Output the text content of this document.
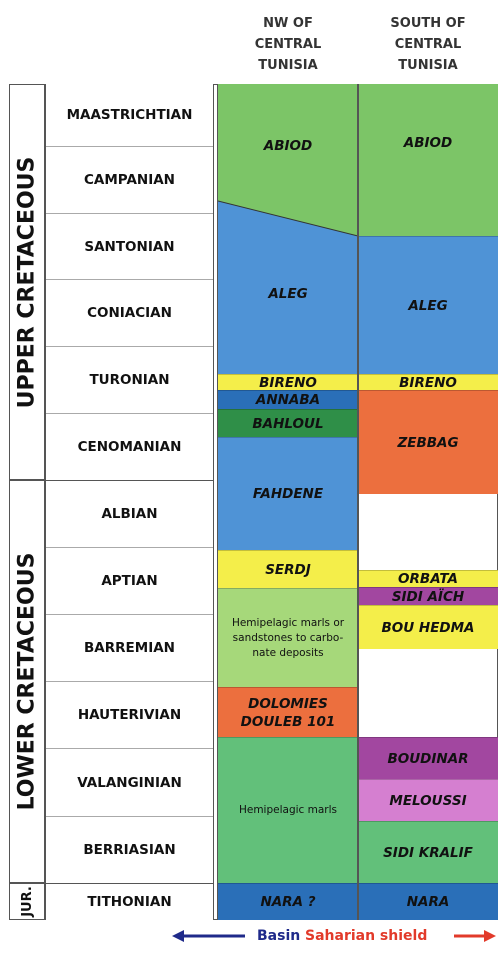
NW OF
CENTRAL
TUNISIA
SOUTH OF
CENTRAL
TUNISIA
UPPER CRETACEOUS
LOWER CRETACEOUS
JUR.
MAASTRICHTIAN
CAMPANIAN
SANTONIAN
CONIACIAN
TURONIAN
CENOMANIAN
ALBIAN
APTIAN
BARREMIAN
HAUTERIVIAN
VALANGINIAN
BERRIASIAN
TITHONIAN
ABIOD
ALEG
BIRENO
ANNABA
BAHLOUL
FAHDENE
SERDJ
Hemipelagic marls or sandstones to carbo-nate deposits
DOLOMIES
DOULEB 101
Hemipelagic marls
NARA ?
ABIOD
ALEG
BIRENO
ZEBBAG
ORBATA
SIDI AÏCH
BOU HEDMA
BOUDINAR
MELOUSSI
SIDI KRALIF
NARA
Basin Saharian shield
